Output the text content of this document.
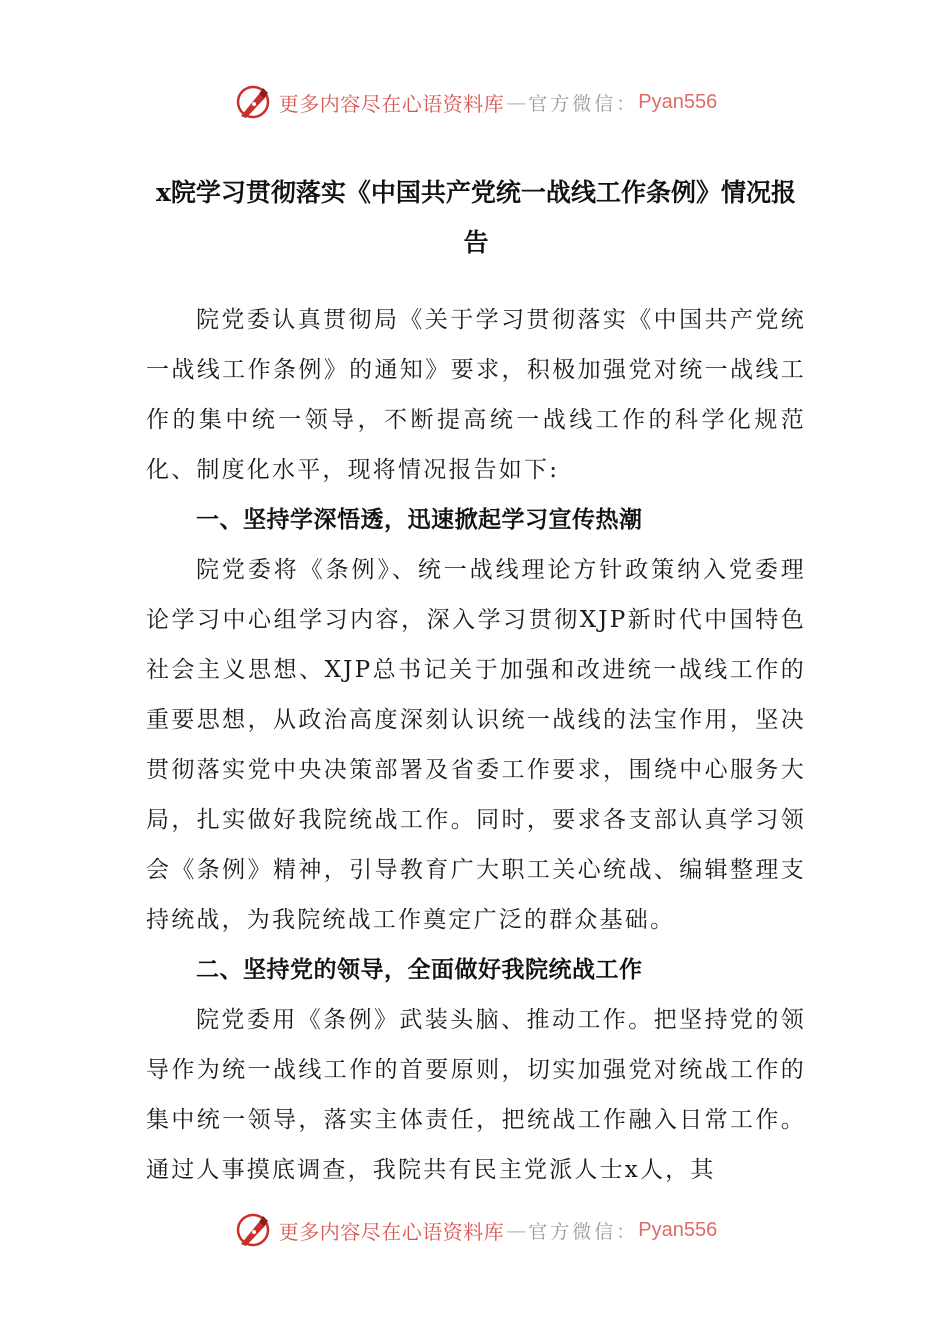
更多内容尽在心语资料库 — 官方微信： Pyan556
x院学习贯彻落实《中国共产党统一战线工作条例》情况报告

院党委认真贯彻局《关于学习贯彻落实《中国共产党统一战线工作条例》的通知》要求，积极加强党对统一战线工作的集中统一领导，不断提高统一战线工作的科学化规范化、制度化水平，现将情况报告如下:

一、坚持学深悟透，迅速掀起学习宣传热潮

院党委将《条例》、统一战线理论方针政策纳入党委理论学习中心组学习内容，深入学习贯彻XJP新时代中国特色社会主义思想、XJP总书记关于加强和改进统一战线工作的重要思想，从政治高度深刻认识统一战线的法宝作用，坚决贯彻落实党中央决策部署及省委工作要求，围绕中心服务大局，扎实做好我院统战工作。同时，要求各支部认真学习领会《条例》精神，引导教育广大职工关心统战、编辑整理支持统战，为我院统战工作奠定广泛的群众基础。

二、坚持党的领导，全面做好我院统战工作

院党委用《条例》武装头脑、推动工作。把坚持党的领导作为统一战线工作的首要原则，切实加强党对统战工作的集中统一领导，落实主体责任，把统战工作融入日常工作。通过人事摸底调查，我院共有民主党派人士x人，其

更多内容尽在心语资料库 — 官方微信： Pyan556
